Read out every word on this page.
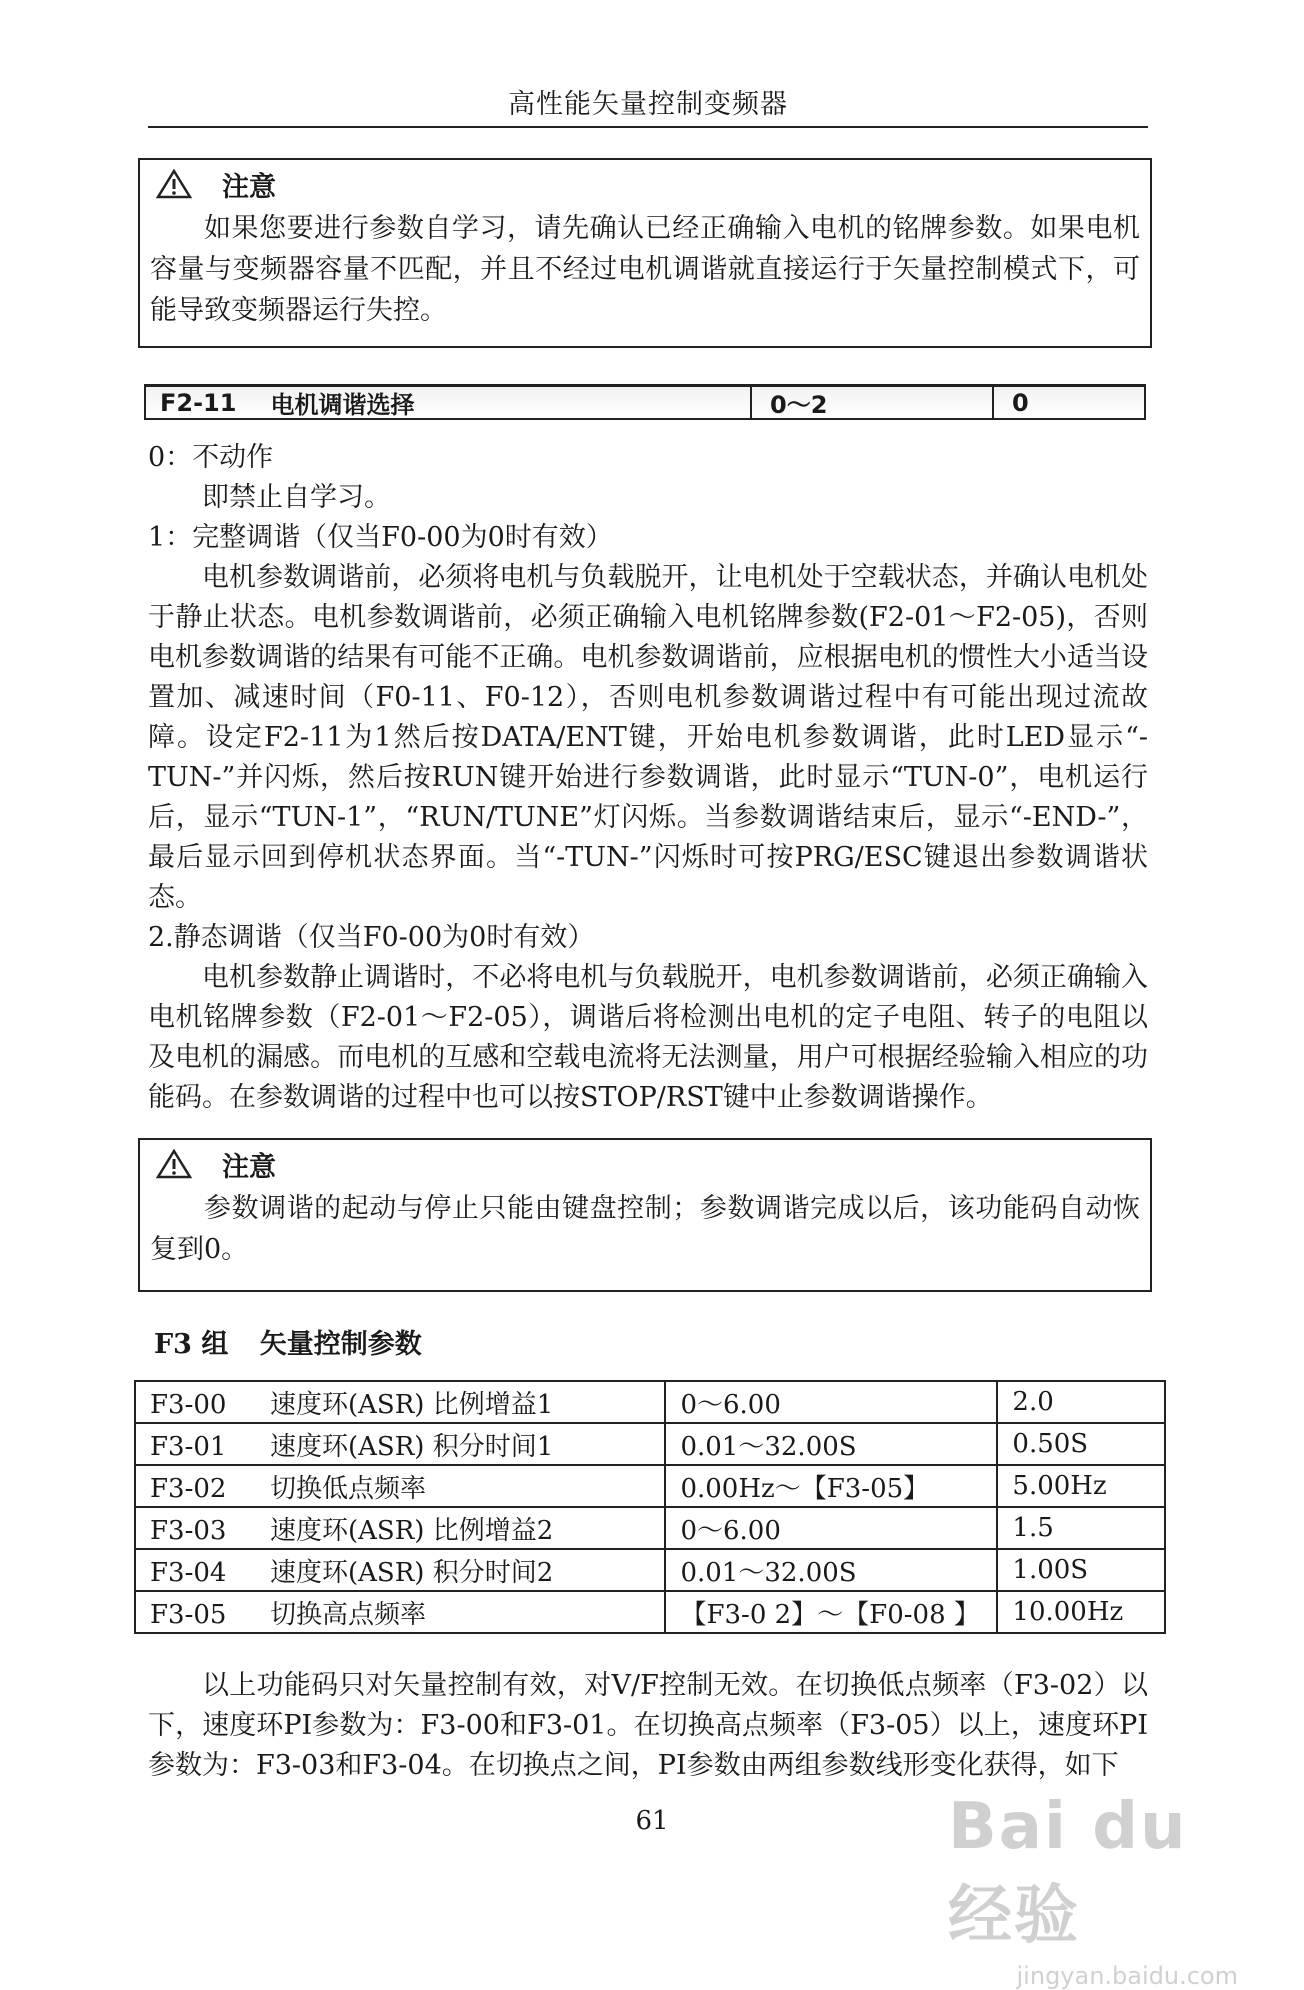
高性能矢量控制变频器
注意
如果您要进行参数自学习，请先确认已经正确输入电机的铭牌参数。如果电机容量与变频器容量不匹配，并且不经过电机调谐就直接运行于矢量控制模式下，可能导致变频器运行失控。
F2-11 电机调谐选择	0～2	0

0：不动作

即禁止自学习。

1：完整调谐（仅当F0-00为0时有效）

电机参数调谐前，必须将电机与负载脱开，让电机处于空载状态，并确认电机处于静止状态。电机参数调谐前，必须正确输入电机铭牌参数(F2-01～F2-05)，否则电机参数调谐的结果有可能不正确。电机参数调谐前，应根据电机的惯性大小适当设置加、减速时间（F0-11、F0-12），否则电机参数调谐过程中有可能出现过流故障。设定F2-11为1然后按DATA/ENT键，开始电机参数调谐，此时LED显示“-TUN-”并闪烁，然后按RUN键开始进行参数调谐，此时显示“TUN-0”，电机运行后，显示“TUN-1”，“RUN/TUNE”灯闪烁。当参数调谐结束后，显示“-END-”，最后显示回到停机状态界面。当“-TUN-”闪烁时可按PRG/ESC键退出参数调谐状态。

2.静态调谐（仅当F0-00为0时有效）

电机参数静止调谐时，不必将电机与负载脱开，电机参数调谐前，必须正确输入电机铭牌参数（F2-01～F2-05），调谐后将检测出电机的定子电阻、转子的电阻以及电机的漏感。而电机的互感和空载电流将无法测量，用户可根据经验输入相应的功能码。在参数调谐的过程中也可以按STOP/RST键中止参数调谐操作。

注意
参数调谐的起动与停止只能由键盘控制；参数调谐完成以后，该功能码自动恢复到0。
F3 组 矢量控制参数
F3-00 速度环(ASR) 比例增益1	0～6.00	2.0
F3-01 速度环(ASR) 积分时间1	0.01～32.00S	0.50S
F3-02 切换低点频率	0.00Hz～【F3-05】	5.00Hz
F3-03 速度环(ASR) 比例增益2	0～6.00	1.5
F3-04 速度环(ASR) 积分时间2	0.01～32.00S	1.00S
F3-05 切换高点频率	【F3-0 2】～【F0-08 】	10.00Hz

以上功能码只对矢量控制有效，对V/F控制无效。在切换低点频率（F3-02）以下，速度环PI参数为：F3-00和F3-01。在切换高点频率（F3-05）以上，速度环PI参数为：F3-03和F3-04。在切换点之间，PI参数由两组参数线形变化获得，如下

61	Bai du 经验
jingyan.baidu.com
